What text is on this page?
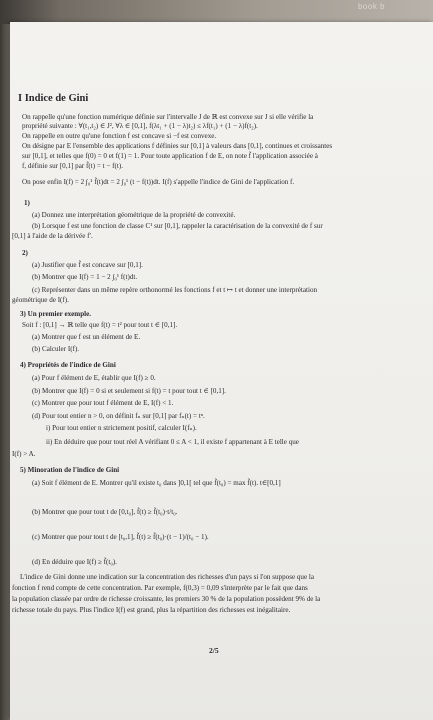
book b
I Indice de Gini
On rappelle qu'une fonction numérique définie sur l'intervalle J de ℝ est convexe sur J si elle vérifie la
propriété suivante : ∀(t₁,t₂) ∈ J², ∀λ ∈ [0,1], f(λt₁ + (1 − λ)t₂) ≤ λf(t₁) + (1 − λ)f(t₂).
On rappelle en outre qu'une fonction f est concave si −f est convexe.
On désigne par E l'ensemble des applications f définies sur [0,1] à valeurs dans [0,1], continues et croissantes
sur [0,1], et telles que f(0) = 0 et f(1) = 1. Pour toute application f de E, on note f̃ l'application associée à
f, définie sur [0,1] par f̃(t) = t − f(t).
On pose enfin I(f) = 2 ∫₀¹ f̃(t)dt = 2 ∫₀¹ (t − f(t))dt. I(f) s'appelle l'indice de Gini de l'application f.
1)
(a) Donnez une interprétation géométrique de la propriété de convexité.
(b) Lorsque f est une fonction de classe C¹ sur [0,1], rappeler la caractérisation de la convexité de f sur
[0,1] à l'aide de la dérivée f′.
2)
(a) Justifier que f̃ est concave sur [0,1].
(b) Montrer que I(f) = 1 − 2 ∫₀¹ f(t)dt.
(c) Représenter dans un même repère orthonormé les fonctions f et t ↦ t et donner une interprétation
géométrique de I(f).
3) Un premier exemple.
Soit f : [0,1] → ℝ telle que f(t) = t² pour tout t ∈ [0,1].
(a) Montrer que f est un élément de E.
(b) Calculer I(f).
4) Propriétés de l'indice de Gini
(a) Pour f élément de E, établir que I(f) ≥ 0.
(b) Montrer que I(f) = 0 si et seulement si f(t) = t pour tout t ∈ [0,1].
(c) Montrer que pour tout f élément de E, I(f) < 1.
(d) Pour tout entier n > 0, on définit fₙ sur [0,1] par fₙ(t) = tⁿ.
i) Pour tout entier n strictement positif, calculer I(fₙ).
ii) En déduire que pour tout réel A vérifiant 0 ≤ A < 1, il existe f appartenant à E telle que
I(f) > A.
5) Minoration de l'indice de Gini
(a) Soit f élément de E. Montrer qu'il existe t₀ dans ]0,1[ tel que f̃(t₀) = max f̃(t). t∈[0,1]
(b) Montrer que pour tout t de [0,t₀], f̃(t) ≥ f̃(t₀)·t/t₀.
(c) Montrer que pour tout t de [t₀,1], f̃(t) ≥ f̃(t₀)·(t − 1)/(t₀ − 1).
(d) En déduire que I(f) ≥ f̃(t₀).
L'indice de Gini donne une indication sur la concentration des richesses d'un pays si l'on suppose que la
fonction f rend compte de cette concentration. Par exemple, f(0,3) = 0,09 s'interprète par le fait que dans
la population classée par ordre de richesse croissante, les premiers 30 % de la population possèdent 9% de la
richesse totale du pays. Plus l'indice I(f) est grand, plus la répartition des richesses est inégalitaire.
2/5
